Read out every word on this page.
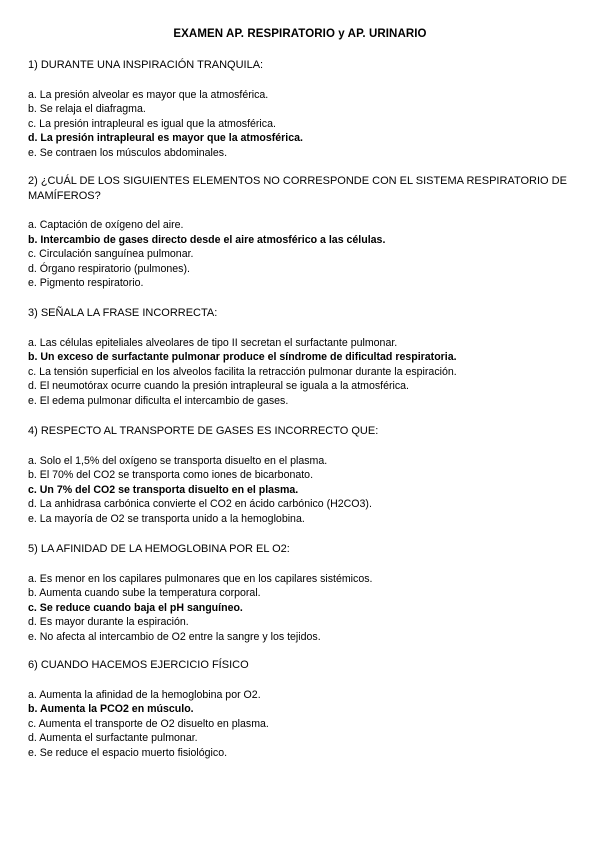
EXAMEN AP. RESPIRATORIO y AP. URINARIO

1) DURANTE UNA INSPIRACIÓN TRANQUILA:

a. La presión alveolar es mayor que la atmosférica.
b. Se relaja el diafragma.
c. La presión intrapleural es igual que la atmosférica.
d. La presión intrapleural es mayor que la atmosférica.
e. Se contraen los músculos abdominales.

2) ¿CUÁL DE LOS SIGUIENTES ELEMENTOS NO CORRESPONDE CON EL SISTEMA RESPIRATORIO DE MAMÍFEROS?

a. Captación de oxígeno del aire.
b. Intercambio de gases directo desde el aire atmosférico a las células.
c. Circulación sanguínea pulmonar.
d. Órgano respiratorio (pulmones).
e. Pigmento respiratorio.

3) SEÑALA LA FRASE INCORRECTA:

a. Las células epiteliales alveolares de tipo II secretan el surfactante pulmonar.
b. Un exceso de surfactante pulmonar produce el síndrome de dificultad respiratoria.
c. La tensión superficial en los alveolos facilita la retracción pulmonar durante la espiración.
d. El neumotórax ocurre cuando la presión intrapleural se iguala a la atmosférica.
e. El edema pulmonar dificulta el intercambio de gases.

4) RESPECTO AL TRANSPORTE DE GASES ES INCORRECTO QUE:

a. Solo el 1,5% del oxígeno se transporta disuelto en el plasma.
b. El 70% del CO2 se transporta como iones de bicarbonato.
c. Un 7% del CO2 se transporta disuelto en el plasma.
d. La anhidrasa carbónica convierte el CO2 en ácido carbónico (H2CO3).
e. La mayoría de O2 se transporta unido a la hemoglobina.

5) LA AFINIDAD DE LA HEMOGLOBINA POR EL O2:

a. Es menor en los capilares pulmonares que en los capilares sistémicos.
b. Aumenta cuando sube la temperatura corporal.
c. Se reduce cuando baja el pH sanguíneo.
d. Es mayor durante la espiración.
e. No afecta al intercambio de O2 entre la sangre y los tejidos.

6) CUANDO HACEMOS EJERCICIO FÍSICO

a. Aumenta la afinidad de la hemoglobina por O2.
b. Aumenta la PCO2 en músculo.
c. Aumenta el transporte de O2 disuelto en plasma.
d. Aumenta el surfactante pulmonar.
e. Se reduce el espacio muerto fisiológico.
